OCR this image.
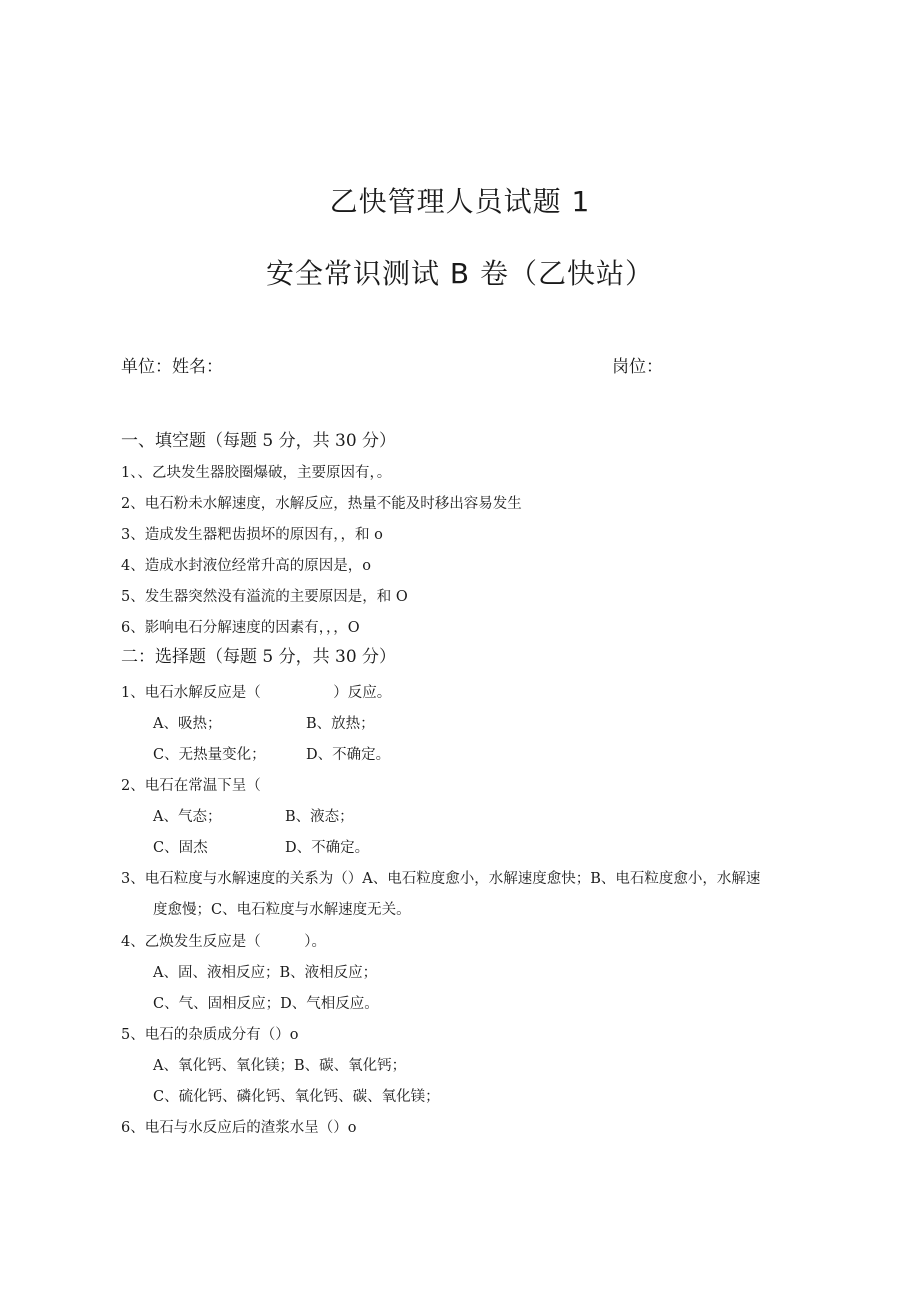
乙快管理人员试题 1
安全常识测试 B 卷（乙快站）
单位：姓名：	岗位：
一、填空题（每题 5 分，共 30 分）
1、、乙块发生器胶圈爆破，主要原因有，。
2、电石粉未水解速度，水解反应，热量不能及时移出容易发生
3、造成发生器粑齿损坏的原因有，，和 o
4、造成水封液位经常升高的原因是，o
5、发生器突然没有溢流的主要原因是，和 O
6、影响电石分解速度的因素有，，，O
二：选择题（每题 5 分，共 30 分）
1、电石水解反应是（　　　　　）反应。
A、吸热；	B、放热；
C、无热量变化；	D、不确定。
2、电石在常温下呈（
A、气态；	B、液态；
C、固杰	D、不确定。
3、电石粒度与水解速度的关系为（）A、电石粒度愈小，水解速度愈快；B、电石粒度愈小，水解速
度愈慢；C、电石粒度与水解速度无关。
4、乙焕发生反应是（　　　）。
A、固、液相反应；B、液相反应；
C、气、固相反应；D、气相反应。
5、电石的杂质成分有（）o
A、氧化钙、氧化镁；B、碳、氧化钙；
C、硫化钙、磷化钙、氧化钙、碳、氧化镁；
6、电石与水反应后的渣浆水呈（）o
